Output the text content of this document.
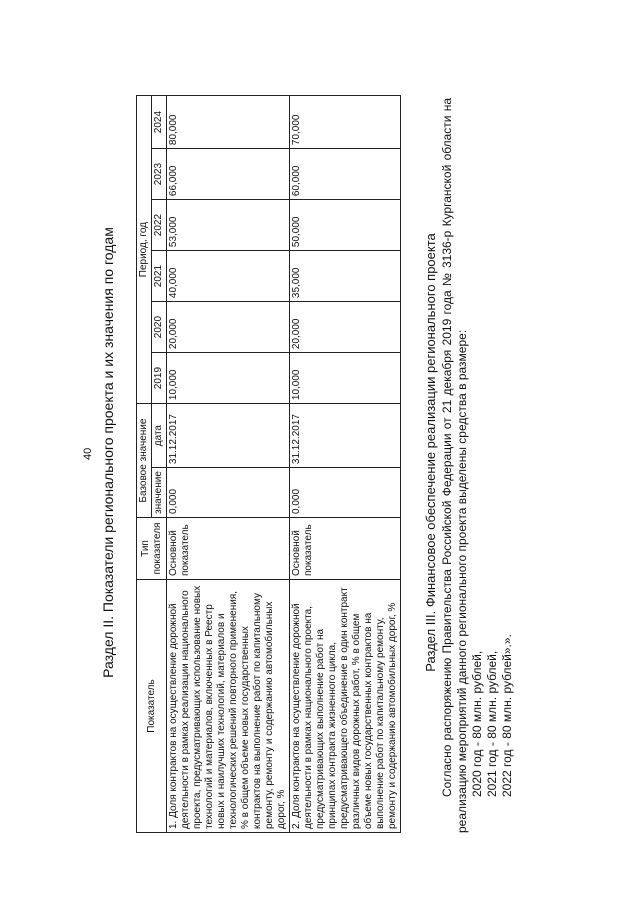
40 Раздел II. Показатели регионального проекта и их значения по годам
Показатель	Тип показателя	Базовое значение		Период, год					
		значение	дата	2019	2020	2021	2022	2023	2024
1. Доля контрактов на осуществление дорожной деятельности в рамках реализации национального проекта, предусматривающих использование новых технологий и материалов, включенных в Реестр новых и наилучших технологий, материалов и технологических решений повторного применения, % в общем объеме новых государственных контрактов на выполнение работ по капитальному ремонту, ремонту и содержанию автомобильных дорог, %	Основной показатель	0,000	31.12.2017	10,000	20,000	40,000	53,000	66,000	80,000
2. Доля контрактов на осуществление дорожной деятельности в рамках национального проекта, предусматривающих выполнение работ на принципах контракта жизненного цикла, предусматривающего объединение в один контракт различных видов дорожных работ, % в общем объеме новых государственных контрактов на выполнение работ по капитальному ремонту, ремонту и содержанию автомобильных дорог, %	Основной показатель	0,000	31.12.2017	10,000	20,000	35,000	50,000	60,000	70,000
Раздел III. Финансовое обеспечение реализации регионального проекта Согласно распоряжению Правительства Российской Федерации от 21 декабря 2019 года № 3136-р Курганской области на реализацию мероприятий данного регионального проекта выделены средства в размере: 2020 год - 80 млн. рублей, 2021 год - 80 млн. рублей, 2022 год - 80 млн. рублей».».
